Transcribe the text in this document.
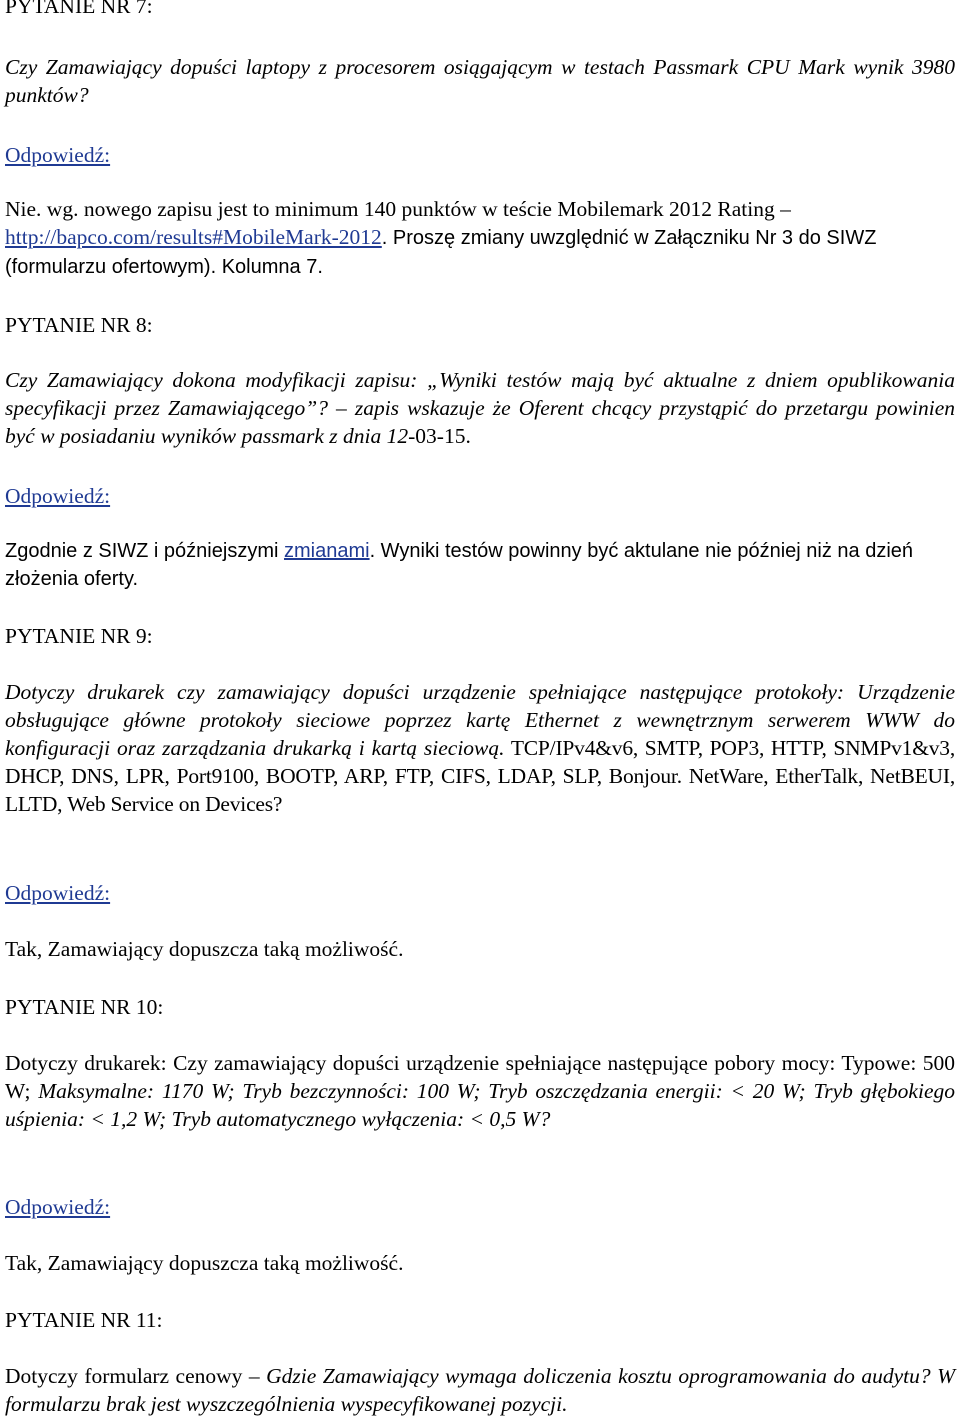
PYTANIE NR 7:

Czy Zamawiający dopuści laptopy z procesorem osiągającym w testach Passmark CPU Mark wynik 3980 punktów?

Odpowiedź:

Nie. wg. nowego zapisu jest to minimum 140 punktów w teście Mobilemark 2012 Rating – http://bapco.com/results#MobileMark-2012. Proszę zmiany uwzględnić w Załączniku Nr 3 do SIWZ (formularzu ofertowym). Kolumna 7.

PYTANIE NR 8:

Czy Zamawiający dokona modyfikacji zapisu: „Wyniki testów mają być aktualne z dniem opublikowania specyfikacji przez Zamawiającego”? – zapis wskazuje że Oferent chcący przystąpić do przetargu powinien być w posiadaniu wyników passmark z dnia 12-03-15.

Odpowiedź:

Zgodnie z SIWZ i późniejszymi zmianami. Wyniki testów powinny być aktulane nie później niż na dzień złożenia oferty.

PYTANIE NR 9:

Dotyczy drukarek czy zamawiający dopuści urządzenie spełniające następujące protokoły: Urządzenie obsługujące główne protokoły sieciowe poprzez kartę Ethernet z wewnętrznym serwerem WWW do konfiguracji oraz zarządzania drukarką i kartą sieciową. TCP/IPv4&v6, SMTP, POP3, HTTP, SNMPv1&v3, DHCP, DNS, LPR, Port9100, BOOTP, ARP, FTP, CIFS, LDAP, SLP, Bonjour. NetWare, EtherTalk, NetBEUI, LLTD, Web Service on Devices?

Odpowiedź:

Tak, Zamawiający dopuszcza taką możliwość.

PYTANIE NR 10:

Dotyczy drukarek: Czy zamawiający dopuści urządzenie spełniające następujące pobory mocy: Typowe: 500 W; Maksymalne: 1170 W; Tryb bezczynności: 100 W; Tryb oszczędzania energii: < 20 W; Tryb głębokiego uśpienia: < 1,2 W; Tryb automatycznego wyłączenia: < 0,5 W?

Odpowiedź:

Tak, Zamawiający dopuszcza taką możliwość.

PYTANIE NR 11:

Dotyczy formularz cenowy – Gdzie Zamawiający wymaga doliczenia kosztu oprogramowania do audytu? W formularzu brak jest wyszczególnienia wyspecyfikowanej pozycji.
